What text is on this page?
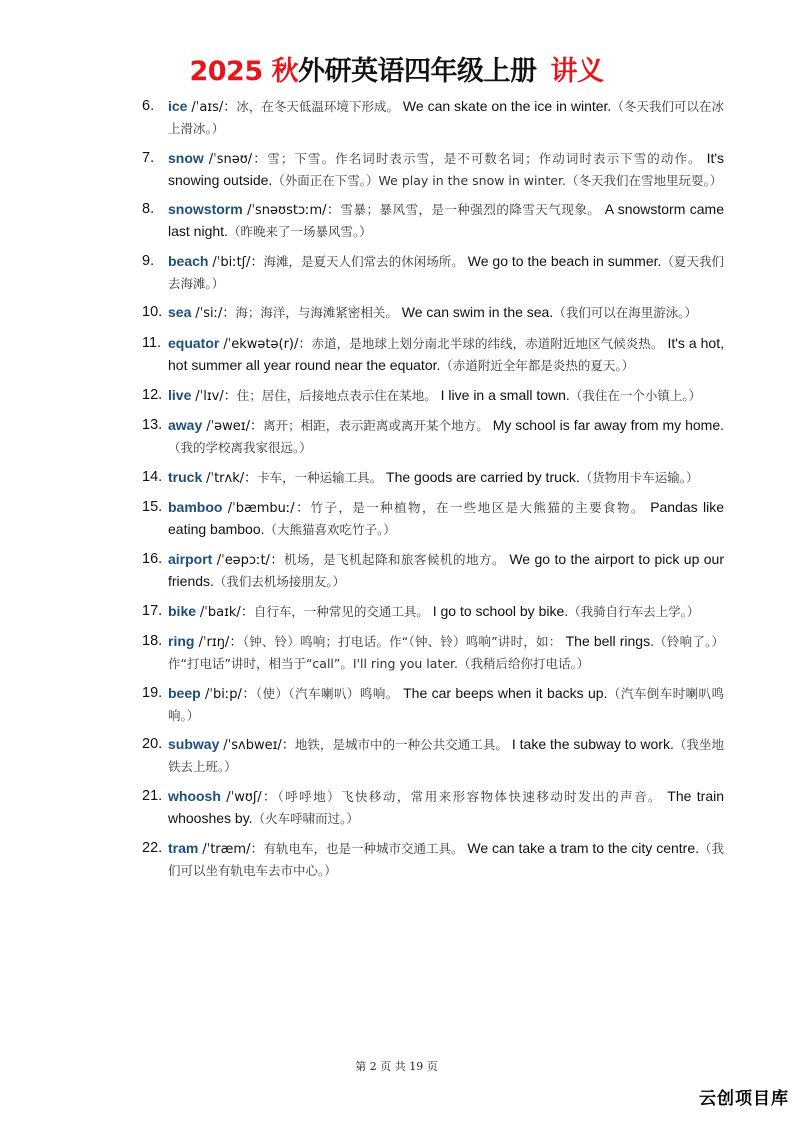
2025 秋外研英语四年级上册 讲义
6. ice /ˈaɪs/：冰，在冬天低温环境下形成。 We can skate on the ice in winter.（冬天我们可以在冰上滑冰。）
7. snow /ˈsnəʊ/：雪；下雪。作名词时表示雪，是不可数名词；作动词时表示下雪的动作。 It's snowing outside.（外面正在下雪。）We play in the snow in winter.（冬天我们在雪地里玩耍。）
8. snowstorm /ˈsnəʊstɔːm/：雪暴；暴风雪，是一种强烈的降雪天气现象。 A snowstorm came last night.（昨晚来了一场暴风雪。）
9. beach /ˈbiːtʃ/：海滩，是夏天人们常去的休闲场所。 We go to the beach in summer.（夏天我们去海滩。）
10. sea /ˈsiː/：海；海洋，与海滩紧密相关。 We can swim in the sea.（我们可以在海里游泳。）
11. equator /ˈekwətə(r)/：赤道，是地球上划分南北半球的纬线，赤道附近地区气候炎热。 It's a hot, hot summer all year round near the equator.（赤道附近全年都是炎热的夏天。）
12. live /ˈlɪv/：住；居住，后接地点表示住在某地。 I live in a small town.（我住在一个小镇上。）
13. away /ˈəweɪ/：离开；相距，表示距离或离开某个地方。 My school is far away from my home.（我的学校离我家很远。）
14. truck /ˈtrʌk/：卡车，一种运输工具。 The goods are carried by truck.（货物用卡车运输。）
15. bamboo /ˈbæmbuː/：竹子，是一种植物，在一些地区是大熊猫的主要食物。 Pandas like eating bamboo.（大熊猫喜欢吃竹子。）
16. airport /ˈeəpɔːt/：机场，是飞机起降和旅客候机的地方。 We go to the airport to pick up our friends.（我们去机场接朋友。）
17. bike /ˈbaɪk/：自行车，一种常见的交通工具。 I go to school by bike.（我骑自行车去上学。）
18. ring /ˈrɪŋ/：（钟、铃）鸣响；打电话。作“（钟、铃）鸣响”讲时，如： The bell rings.（铃响了。）作“打电话”讲时，相当于“call”。I'll ring you later.（我稍后给你打电话。）
19. beep /ˈbiːp/：（使）（汽车喇叭）鸣响。 The car beeps when it backs up.（汽车倒车时喇叭鸣响。）
20. subway /ˈsʌbweɪ/：地铁，是城市中的一种公共交通工具。 I take the subway to work.（我坐地铁去上班。）
21. whoosh /ˈwʊʃ/：（呼呼地）飞快移动，常用来形容物体快速移动时发出的声音。 The train whooshes by.（火车呼啸而过。）
22. tram /ˈtræm/：有轨电车，也是一种城市交通工具。 We can take a tram to the city centre.（我们可以坐有轨电车去市中心。）
第 2 页 共 19 页
云创项目库
